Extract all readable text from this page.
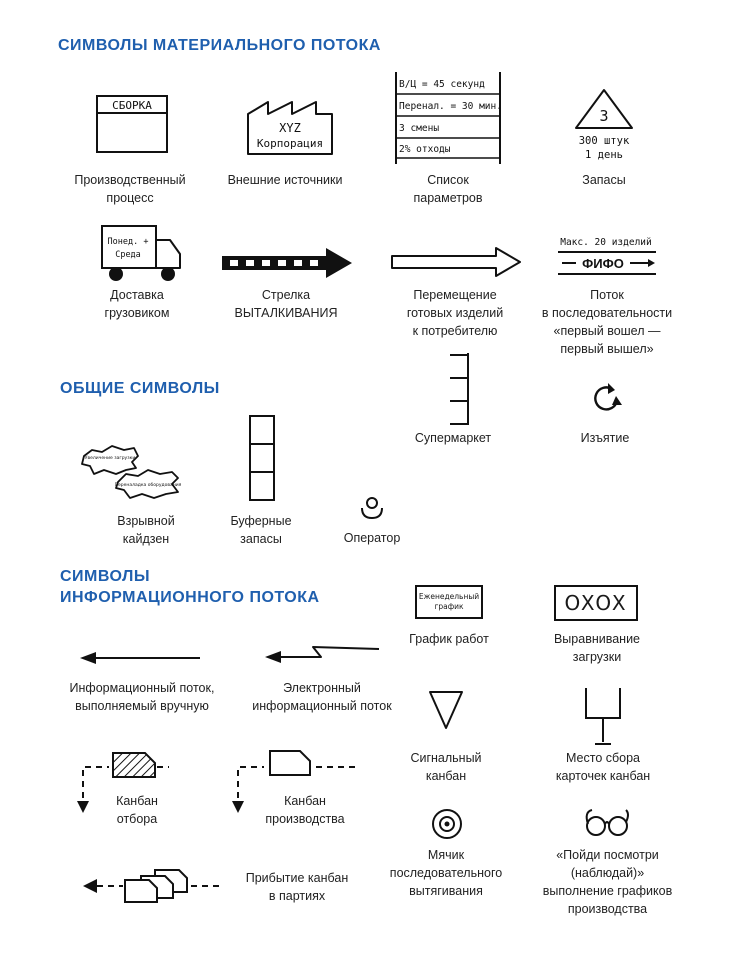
СИМВОЛЫ МАТЕРИАЛЬНОГО ПОТОКА
ОБЩИЕ СИМВОЛЫ
СИМВОЛЫ
ИНФОРМАЦИОННОГО ПОТОКА
СБОРКА
Производственный
процесс
XYZ
Корпорация
Внешние источники
В/Ц = 45 секунд
Перенал. = 30 мин.
3 смены
2% отходы
Список
параметров
3
300 штук
1 день
Запасы
Понед. +
Среда
Доставка
грузовиком
Стрелка
ВЫТАЛКИВАНИЯ
Перемещение
готовых изделий
к потребителю
Макс. 20 изделий
ФИФО
Поток
в последовательности
«первый вошел —
первый вышел»
Супермаркет	Изъятие
Увеличение загрузки
Переналадка оборудования
Взрывной
кайдзен
Буферные
запасы	Оператор
Еженедельный
график
График работ
OXOX
Выравнивание
загрузки
Информационный поток,
выполняемый вручную
Электронный
информационный поток
Сигнальный
канбан
Место сбора
карточек канбан
Канбан
отбора
Канбан
производства
Мячик
последовательного
вытягивания
«Пойди посмотри
(наблюдай)»
выполнение графиков
производства
Прибытие канбан
в партиях
